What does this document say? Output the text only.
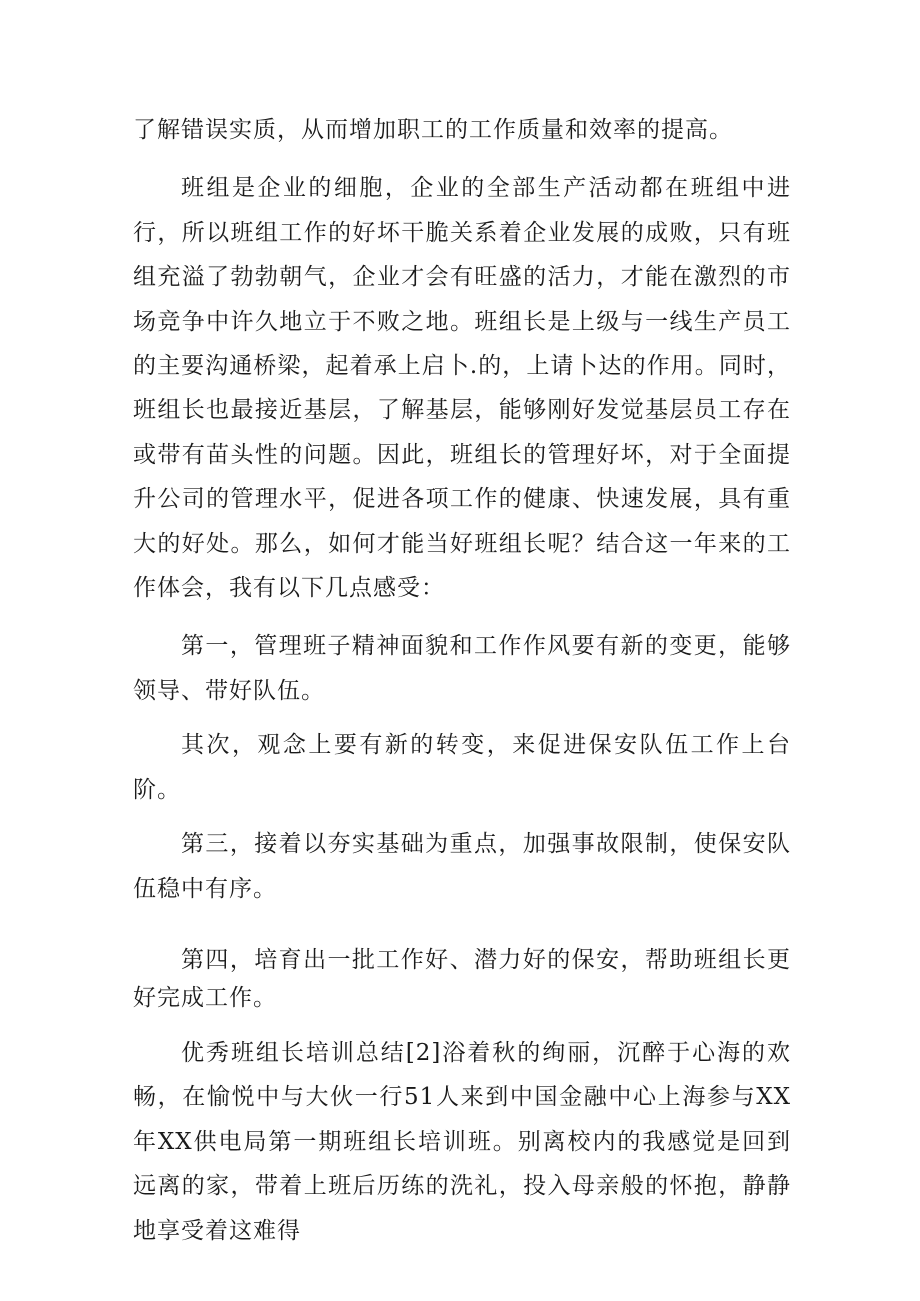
了解错误实质，从而增加职工的工作质量和效率的提高。

班组是企业的细胞，企业的全部生产活动都在班组中进行，所以班组工作的好坏干脆关系着企业发展的成败，只有班组充溢了勃勃朝气，企业才会有旺盛的活力，才能在激烈的市场竞争中许久地立于不败之地。班组长是上级与一线生产员工的主要沟通桥梁，起着承上启卜.的，上请卜达的作用。同时，班组长也最接近基层，了解基层，能够刚好发觉基层员工存在或带有苗头性的问题。因此，班组长的管理好坏，对于全面提升公司的管理水平，促进各项工作的健康、快速发展，具有重大的好处。那么，如何才能当好班组长呢？结合这一年来的工作体会，我有以下几点感受：

第一，管理班子精神面貌和工作作风要有新的变更，能够领导、带好队伍。

其次，观念上要有新的转变，来促进保安队伍工作上台阶。

第三，接着以夯实基础为重点，加强事故限制，使保安队伍稳中有序。

第四，培育出一批工作好、潜力好的保安，帮助班组长更好完成工作。

优秀班组长培训总结[2]浴着秋的绚丽，沉醉于心海的欢畅，在愉悦中与大伙一行51人来到中国金融中心上海参与XX年XX供电局第一期班组长培训班。别离校内的我感觉是回到远离的家，带着上班后历练的洗礼，投入母亲般的怀抱，静静地享受着这难得
